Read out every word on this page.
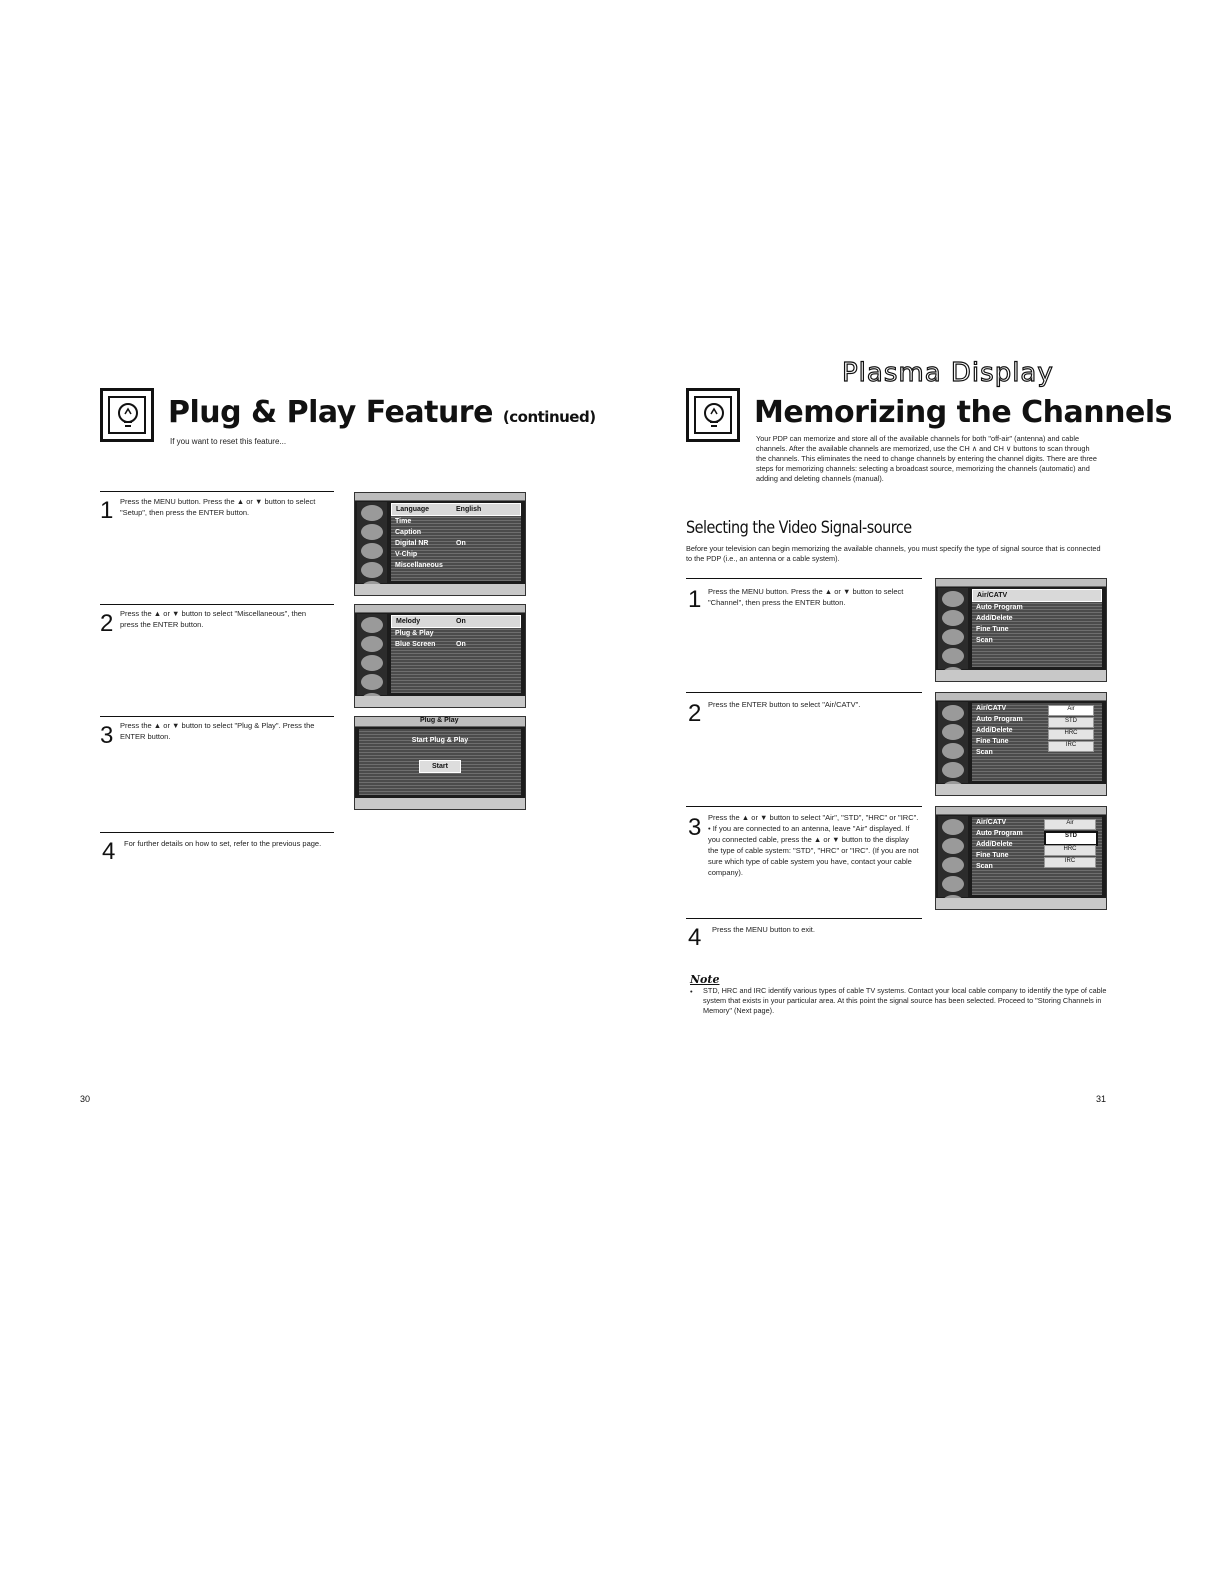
Plug & Play Feature (continued)
If you want to reset this feature...
1 Press the MENU button. Press the ▲ or ▼ button to select "Setup", then press the ENTER button.	Language	English
Time
Caption
Digital NR	On
V-Chip
Miscellaneous
2 Press the ▲ or ▼ button to select "Miscellaneous", then press the ENTER button.	Melody	On
Plug & Play
Blue Screen	On
3 Press the ▲ or ▼ button to select "Plug & Play". Press the ENTER button.
Plug & Play
Start Plug & Play
Start
4 For further details on how to set, refer to the previous page.
30
Plasma Display
Memorizing the Channels
Your PDP can memorize and store all of the available channels for both "off-air" (antenna) and cable channels. After the available channels are memorized, use the CH ∧ and CH ∨ buttons to scan through the channels. This eliminates the need to change channels by entering the channel digits. There are three steps for memorizing channels: selecting a broadcast source, memorizing the channels (automatic) and adding and deleting channels (manual).
Selecting the Video Signal-source
Before your television can begin memorizing the available channels, you must specify the type of signal source that is connected to the PDP (i.e., an antenna or a cable system).
1 Press the MENU button. Press the ▲ or ▼ button to select "Channel", then press the ENTER button.
Air/CATV
Auto Program
Add/Delete
Fine Tune
Scan
2 Press the ENTER button to select "Air/CATV".	Air/CATV
Auto Program
Add/Delete
Fine Tune
Scan
Air
STD
HRC
IRC
3 Press the ▲ or ▼ button to select "Air", "STD", "HRC" or "IRC". • If you are connected to an antenna, leave "Air" displayed. If you connected cable, press the ▲ or ▼ button to the display the type of cable system: "STD", "HRC" or "IRC". (If you are not sure which type of cable system you have, contact your cable company).
Air/CATV
Auto Program
Add/Delete
Fine Tune
Scan
Air
STD
HRC
IRC
4 Press the MENU button to exit.
Note
• STD, HRC and IRC identify various types of cable TV systems. Contact your local cable company to identify the type of cable system that exists in your particular area. At this point the signal source has been selected. Proceed to "Storing Channels in Memory" (Next page).
31
